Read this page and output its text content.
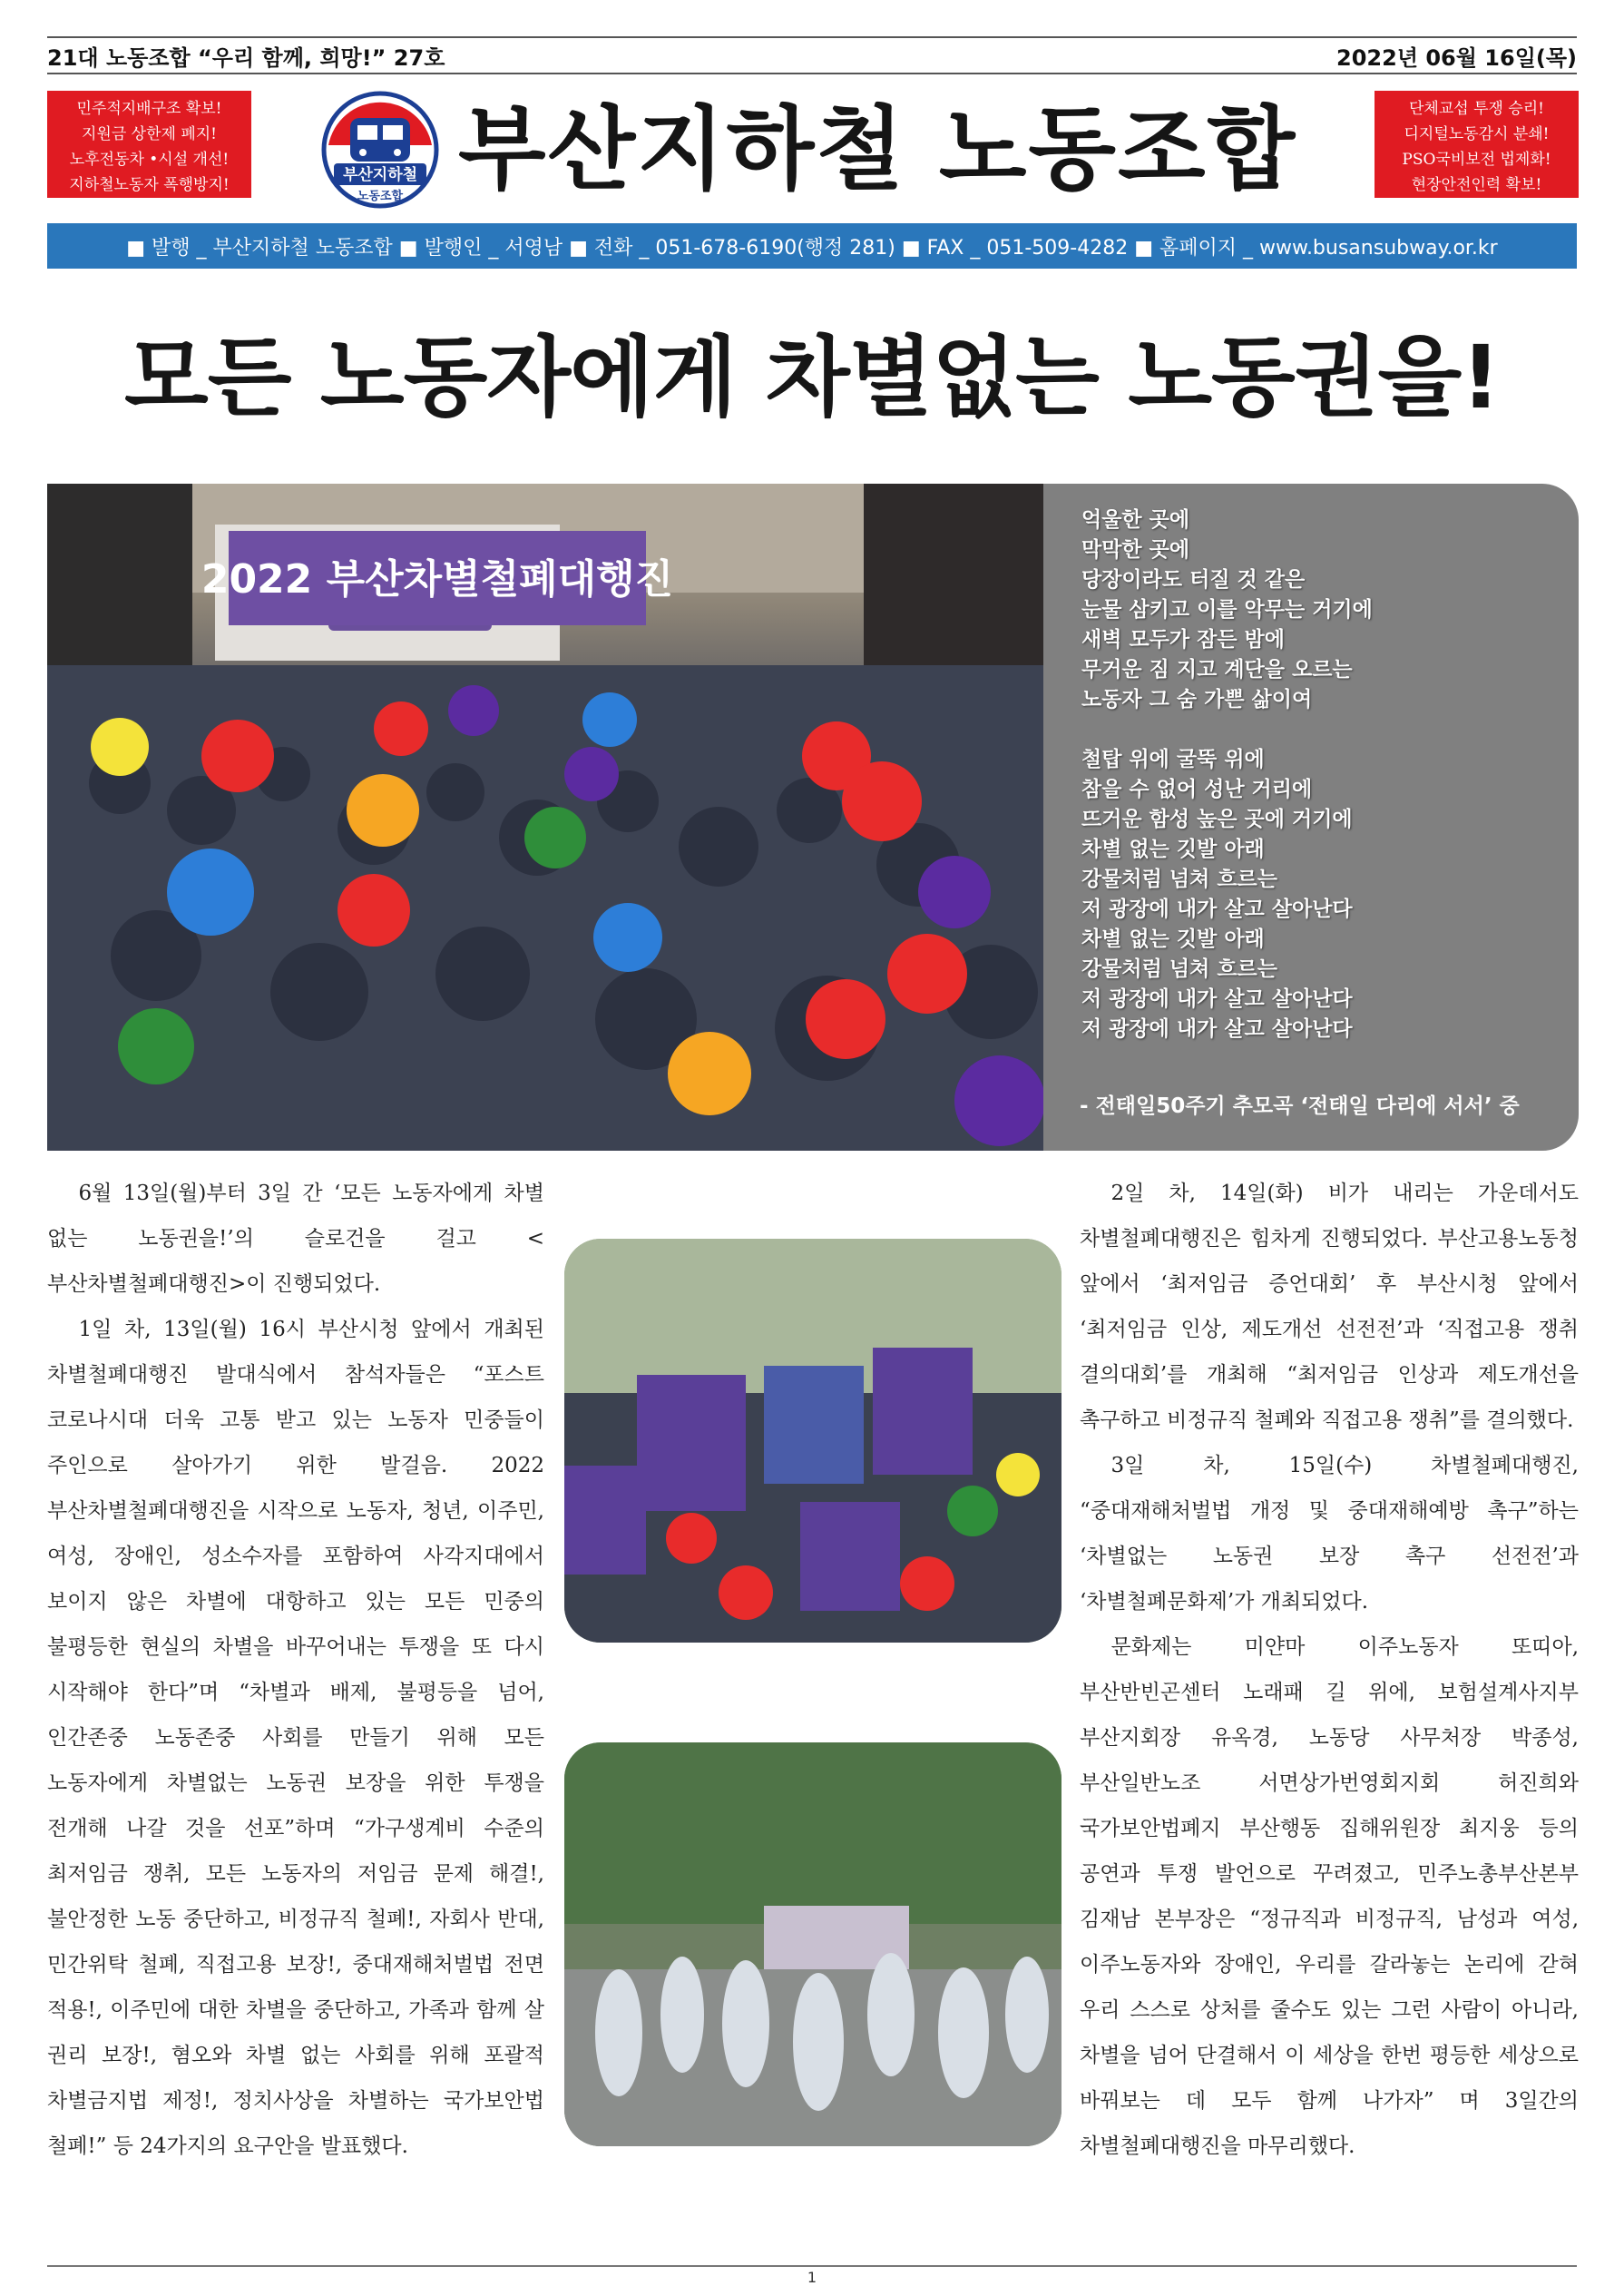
21대 노동조합 “우리 함께, 희망!” 27호	2022년 06월 16일(목)
민주적지배구조 확보!
지원금 상한제 폐지!
노후전동차 •시설 개선!
지하철노동자 폭행방지!
부산지하철
노동조합 부산지하철 노동조합	단체교섭 투쟁 승리!
디지털노동감시 분쇄!
PSO국비보전 법제화!
현장안전인력 확보!
■ 발행 _ 부산지하철 노동조합 ■ 발행인 _ 서영남 ■ 전화 _ 051-678-6190(행정 281) ■ FAX _ 051-509-4282 ■ 홈페이지 _ www.busansubway.or.kr
모든 노동자에게 차별없는 노동권을!
2022 부산차별철폐대행진
억울한 곳에
막막한 곳에
당장이라도 터질 것 같은
눈물 삼키고 이를 악무는 거기에
새벽 모두가 잠든 밤에
무거운 짐 지고 계단을 오르는
노동자 그 숨 가쁜 삶이여
철탑 위에 굴뚝 위에
참을 수 없어 성난 거리에
뜨거운 함성 높은 곳에 거기에
차별 없는 깃발 아래
강물처럼 넘쳐 흐르는
저 광장에 내가 살고 살아난다
차별 없는 깃발 아래
강물처럼 넘쳐 흐르는
저 광장에 내가 살고 살아난다
저 광장에 내가 살고 살아난다
- 전태일50주기 추모곡 ‘전태일 다리에 서서’ 중

6월 13일(월)부터 3일 간 ‘모든 노동자에게 차별 없는 노동권을!’의 슬로건을 걸고 <부산차별철폐대행진>이 진행되었다.

1일 차, 13일(월) 16시 부산시청 앞에서 개최된 차별철폐대행진 발대식에서 참석자들은 “포스트 코로나시대 더욱 고통 받고 있는 노동자 민중들이 주인으로 살아가기 위한 발걸음. 2022 부산차별철폐대행진을 시작으로 노동자, 청년, 이주민, 여성, 장애인, 성소수자를 포함하여 사각지대에서 보이지 않은 차별에 대항하고 있는 모든 민중의 불평등한 현실의 차별을 바꾸어내는 투쟁을 또 다시 시작해야 한다”며 “차별과 배제, 불평등을 넘어, 인간존중 노동존중 사회를 만들기 위해 모든 노동자에게 차별없는 노동권 보장을 위한 투쟁을 전개해 나갈 것을 선포”하며 “가구생계비 수준의 최저임금 쟁취, 모든 노동자의 저임금 문제 해결!, 불안정한 노동 중단하고, 비정규직 철폐!, 자회사 반대, 민간위탁 철폐, 직접고용 보장!, 중대재해처벌법 전면 적용!, 이주민에 대한 차별을 중단하고, 가족과 함께 살 권리 보장!, 혐오와 차별 없는 사회를 위해 포괄적 차별금지법 제정!, 정치사상을 차별하는 국가보안법 철폐!” 등 24가지의 요구안을 발표했다.

2일 차, 14일(화) 비가 내리는 가운데서도 차별철폐대행진은 힘차게 진행되었다. 부산고용노동청 앞에서 ‘최저임금 증언대회’ 후 부산시청 앞에서 ‘최저임금 인상, 제도개선 선전전’과 ‘직접고용 쟁취 결의대회’를 개최해 “최저임금 인상과 제도개선을 촉구하고 비정규직 철폐와 직접고용 쟁취”를 결의했다.

3일 차, 15일(수) 차별철폐대행진, “중대재해처벌법 개정 및 중대재해예방 촉구”하는 ‘차별없는 노동권 보장 촉구 선전전’과 ‘차별철폐문화제’가 개최되었다.

문화제는 미얀마 이주노동자 또띠아, 부산반빈곤센터 노래패 길 위에, 보험설계사지부 부산지회장 유옥경, 노동당 사무처장 박종성, 부산일반노조 서면상가번영회지회 허진희와 국가보안법폐지 부산행동 집해위원장 최지웅 등의 공연과 투쟁 발언으로 꾸려졌고, 민주노총부산본부 김재남 본부장은 “정규직과 비정규직, 남성과 여성, 이주노동자와 장애인, 우리를 갈라놓는 논리에 갇혀 우리 스스로 상처를 줄수도 있는 그런 사람이 아니라, 차별을 넘어 단결해서 이 세상을 한번 평등한 세상으로 바꿔보는 데 모두 함께 나가자” 며 3일간의 차별철폐대행진을 마무리했다.

1
